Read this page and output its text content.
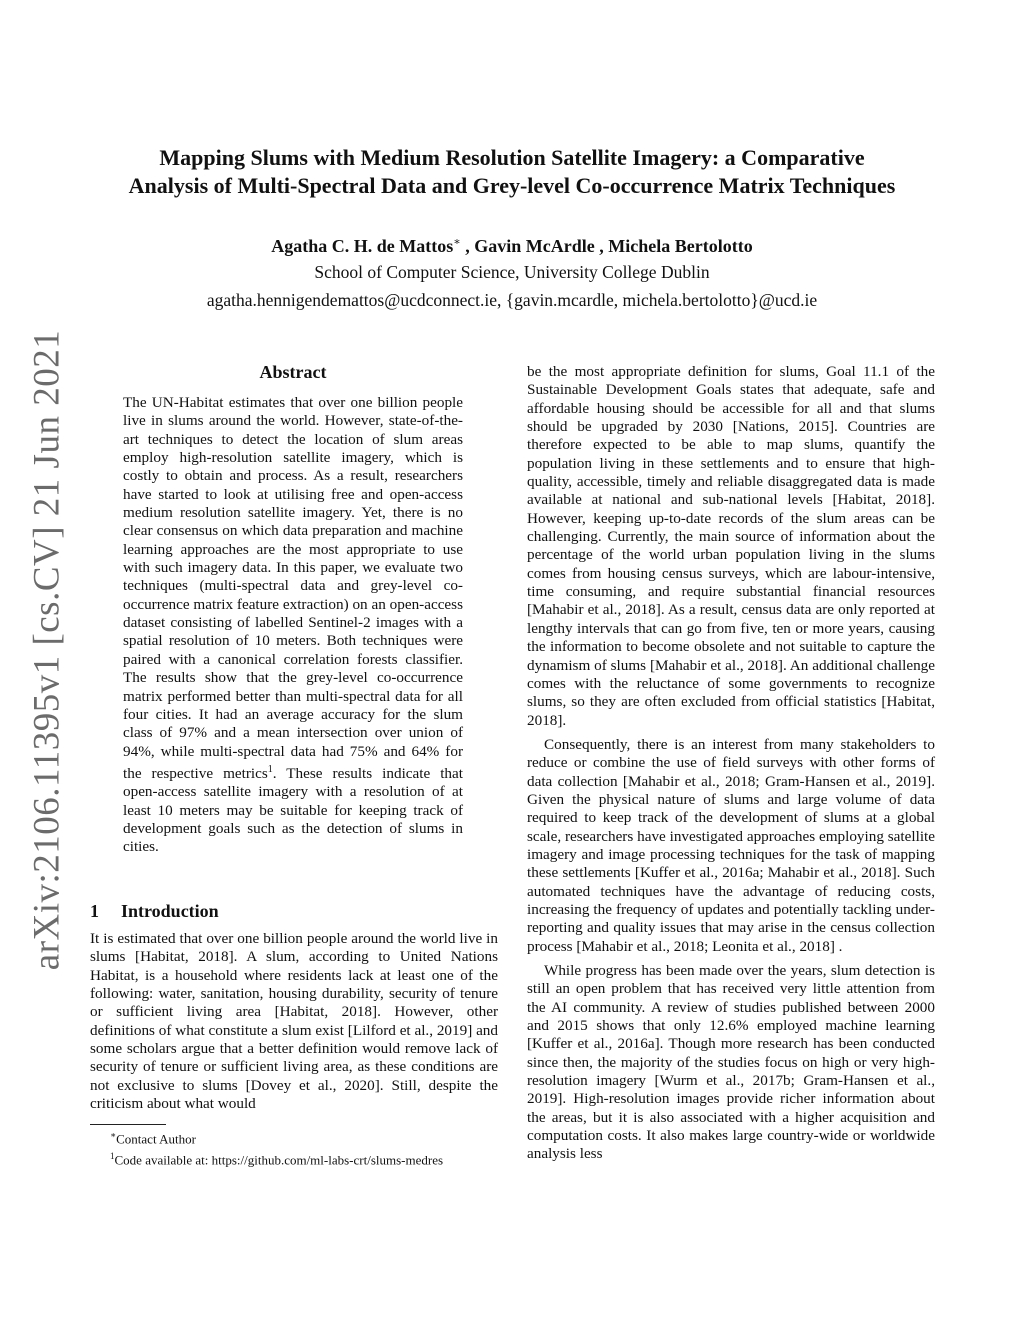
arXiv:2106.11395v1 [cs.CV] 21 Jun 2021
Mapping Slums with Medium Resolution Satellite Imagery: a Comparative
Analysis of Multi-Spectral Data and Grey-level Co-occurrence Matrix Techniques
Agatha C. H. de Mattos∗ , Gavin McArdle , Michela Bertolotto
School of Computer Science, University College Dublin
agatha.hennigendemattos@ucdconnect.ie, {gavin.mcardle, michela.bertolotto}@ucd.ie
Abstract
The UN-Habitat estimates that over one billion people live in slums around the world. However, state-of-the-art techniques to detect the location of slum areas employ high-resolution satellite imagery, which is costly to obtain and process. As a result, researchers have started to look at utilising free and open-access medium resolution satellite imagery. Yet, there is no clear consensus on which data preparation and machine learning approaches are the most appropriate to use with such imagery data. In this paper, we evaluate two techniques (multi-spectral data and grey-level co-occurrence matrix feature extraction) on an open-access dataset consisting of labelled Sentinel-2 images with a spatial resolution of 10 meters. Both techniques were paired with a canonical correlation forests classifier. The results show that the grey-level co-occurrence matrix performed better than multi-spectral data for all four cities. It had an average accuracy for the slum class of 97% and a mean intersection over union of 94%, while multi-spectral data had 75% and 64% for the respective metrics$^1$. These results indicate that open-access satellite imagery with a resolution of at least 10 meters may be suitable for keeping track of development goals such as the detection of slums in cities.
1 Introduction
It is estimated that over one billion people around the world live in slums [Habitat, 2018]. A slum, according to United Nations Habitat, is a household where residents lack at least one of the following: water, sanitation, housing durability, security of tenure or sufficient living area [Habitat, 2018]. However, other definitions of what constitute a slum exist [Lilford et al., 2019] and some scholars argue that a better definition would remove lack of security of tenure or sufficient living area, as these conditions are not exclusive to slums [Dovey et al., 2020]. Still, despite the criticism about what would

∗Contact Author

$^1$Code available at: https://github.com/ml-labs-crt/slums-medres

be the most appropriate definition for slums, Goal 11.1 of the Sustainable Development Goals states that adequate, safe and affordable housing should be accessible for all and that slums should be upgraded by 2030 [Nations, 2015]. Countries are therefore expected to be able to map slums, quantify the population living in these settlements and to ensure that high-quality, accessible, timely and reliable disaggregated data is made available at national and sub-national levels [Habitat, 2018]. However, keeping up-to-date records of the slum areas can be challenging. Currently, the main source of information about the percentage of the world urban population living in the slums comes from housing census surveys, which are labour-intensive, time consuming, and require substantial financial resources [Mahabir et al., 2018]. As a result, census data are only reported at lengthy intervals that can go from five, ten or more years, causing the information to become obsolete and not suitable to capture the dynamism of slums [Mahabir et al., 2018]. An additional challenge comes with the reluctance of some governments to recognize slums, so they are often excluded from official statistics [Habitat, 2018].

Consequently, there is an interest from many stakeholders to reduce or combine the use of field surveys with other forms of data collection [Mahabir et al., 2018; Gram-Hansen et al., 2019]. Given the physical nature of slums and large volume of data required to keep track of the development of slums at a global scale, researchers have investigated approaches employing satellite imagery and image processing techniques for the task of mapping these settlements [Kuffer et al., 2016a; Mahabir et al., 2018]. Such automated techniques have the advantage of reducing costs, increasing the frequency of updates and potentially tackling under-reporting and quality issues that may arise in the census collection process [Mahabir et al., 2018; Leonita et al., 2018] .

While progress has been made over the years, slum detection is still an open problem that has received very little attention from the AI community. A review of studies published between 2000 and 2015 shows that only 12.6% employed machine learning [Kuffer et al., 2016a]. Though more research has been conducted since then, the majority of the studies focus on high or very high-resolution imagery [Wurm et al., 2017b; Gram-Hansen et al., 2019]. High-resolution images provide richer information about the areas, but it is also associated with a higher acquisition and computation costs. It also makes large country-wide or worldwide analysis less
